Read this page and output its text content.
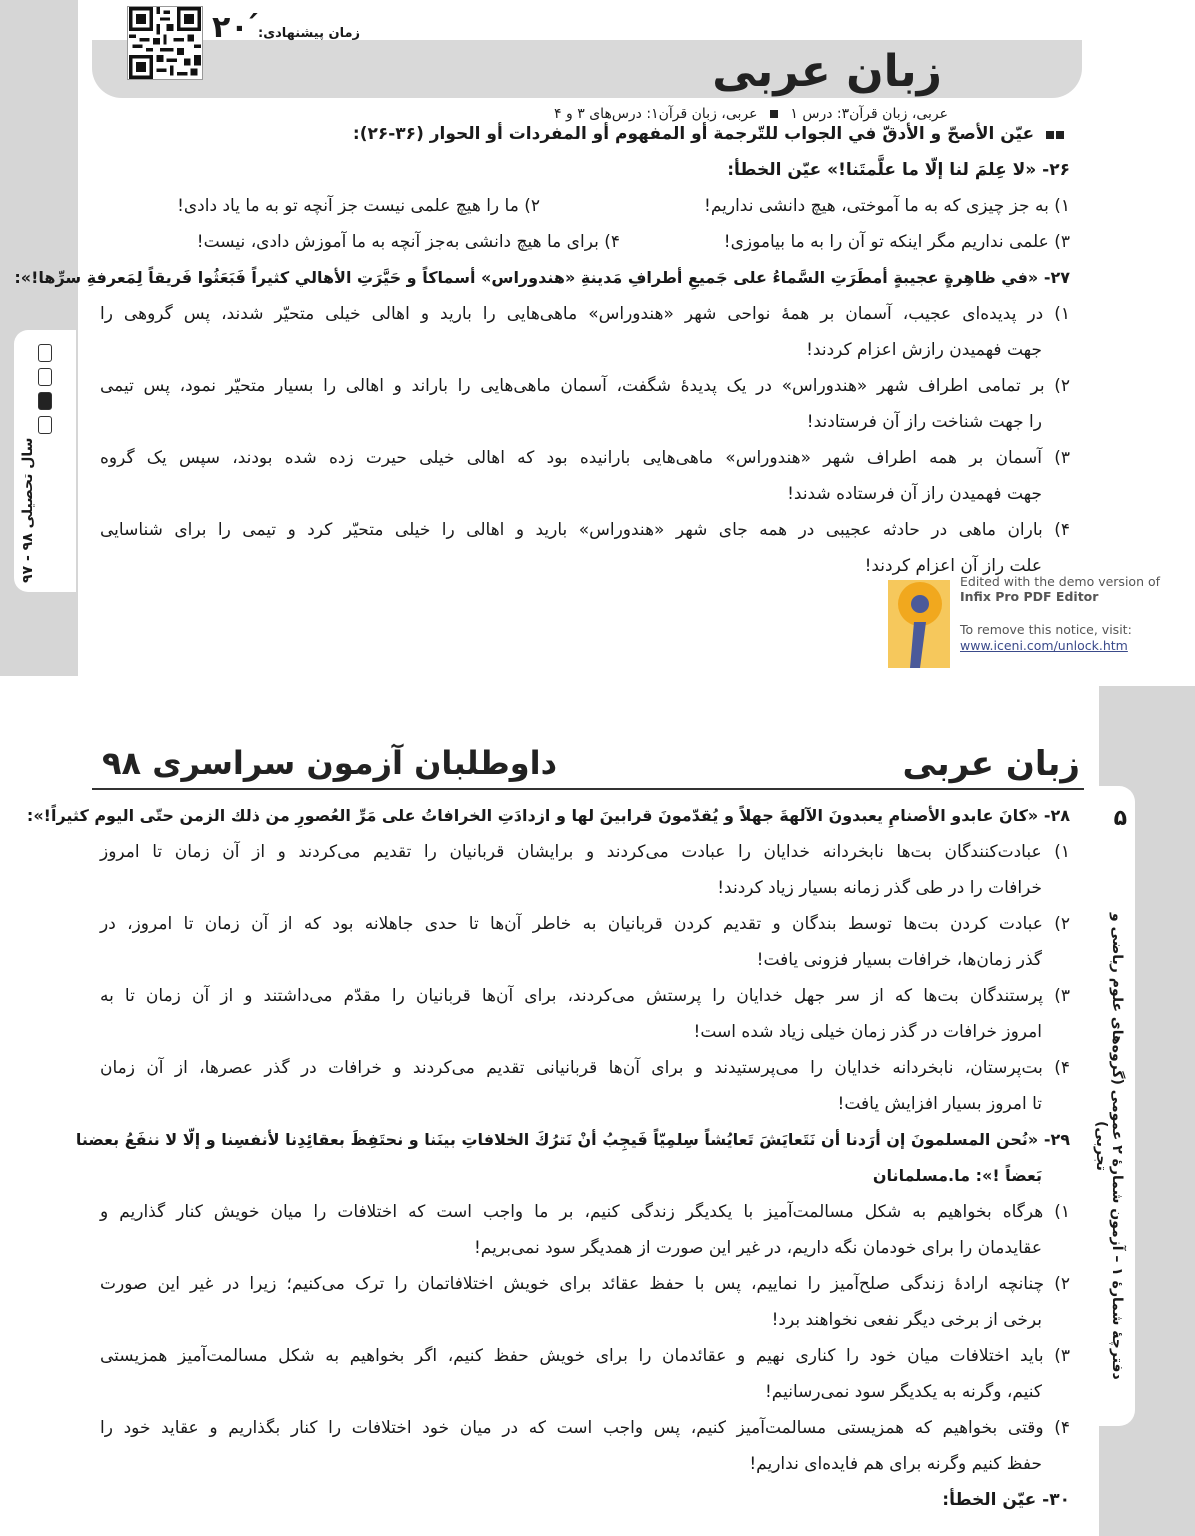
سال تحصیلی ۹۸ - ۹۷
زبان عربی
عربی، زبان قرآن۳: درس ۱  عربی، زبان قرآن۱: درس‌های ۳ و ۴
۲۰ ́
زمان پیشنهادی:
عیّن الأصحّ و الأدقّ في الجواب للتّرجمة أو المفهوم أو المفردات أو الحوار (۳۶-۲۶):
۲۶- «لا عِلمَ لنا إلّا ما علَّمتَنا!» عیّن الخطأ:
۱) به جز چیزی که به ما آموختی، هیچ دانشی نداریم!
۲) ما را هیچ علمی نیست جز آنچه تو به ما یاد دادی!
۳) علمی نداریم مگر اینکه تو آن را به ما بیاموزی!
۴) برای ما هیچ دانشی به‌جز آنچه به ما آموزش دادی، نیست!
۲۷- «في ظاهِرةٍ عجیبةٍ أمطَرَتِ السَّماءُ علی جَمیعِ أطرافِ مَدینةِ «هندوراس» أسماکاً و حَیَّرَتِ الأهالي کثیراً فَبَعَثُوا فَریقاً لِمَعرفةِ سرِّها!»:
۱) در پدیده‌ای عجیب، آسمان بر همهٔ نواحی شهر «هندوراس» ماهی‌هایی را بارید و اهالی خیلی متحیّر شدند، پس گروهی را
جهت فهمیدن رازش اعزام کردند!
۲) بر تمامی اطراف شهر «هندوراس» در یک پدیدهٔ شگفت، آسمان ماهی‌هایی را باراند و اهالی را بسیار متحیّر نمود، پس تیمی
را جهت شناخت راز آن فرستادند!
۳) آسمان بر همه اطراف شهر «هندوراس» ماهی‌هایی بارانیده بود که اهالی خیلی حیرت زده شده بودند، سپس یک گروه
جهت فهمیدن راز آن فرستاده شدند!
۴) باران ماهی در حادثه عجیبی در همه جای شهر «هندوراس» بارید و اهالی را خیلی متحیّر کرد و تیمی را برای شناسایی
علت راز آن اعزام کردند!
Edited with the demo version of
Infix Pro PDF Editor
To remove this notice, visit:
www.iceni.com/unlock.htm
۵
دفترچهٔ شمارهٔ ۱ – آزمون شمارهٔ ۲ عمومی (گروه‌های علوم ریاضی و تجربی)
زبان عربی
داوطلبان آزمون سراسری ۹۸
۲۸- «کانَ عابدو الأصنامِ یعبدونَ الآلهةَ جهلاً و یُقدّمونَ قرابینَ لها و ازدادَتِ الخرافاتُ علی مَرِّ العُصورِ من ذلك الزمن حتّی الیوم کثیراً!»:
۱) عبادت‌کنندگان بت‌ها نابخردانه خدایان را عبادت می‌کردند و برایشان قربانیان را تقدیم می‌کردند و از آن زمان تا امروز
خرافات را در طی گذر زمانه بسیار زیاد کردند!
۲) عبادت کردن بت‌ها توسط بندگان و تقدیم کردن قربانیان به خاطر آن‌ها تا حدی جاهلانه بود که از آن زمان تا امروز، در
گذر زمان‌ها، خرافات بسیار فزونی یافت!
۳) پرستندگان بت‌ها که از سر جهل خدایان را پرستش می‌کردند، برای آن‌ها قربانیان را مقدّم می‌داشتند و از آن زمان تا به
امروز خرافات در گذر زمان خیلی زیاد شده است!
۴) بت‌پرستان، نابخردانه خدایان را می‌پرستیدند و برای آن‌ها قربانیانی تقدیم می‌کردند و خرافات در گذر عصرها، از آن زمان
تا امروز بسیار افزایش یافت!
۲۹- «نُحن المسلمونَ إن أرَدنا أن نَتَعایَشَ تَعایُشاً سِلمِیّاً فَیجِبُ أنْ نَترُكَ الخلافاتِ بینَنا و نحتَفِظَ بعقائِدِنا لأنفسِنا و إلّا لا ننفَعُ بعضنا
بَعضاً !»: ما.مسلمانان
۱) هرگاه بخواهیم به شکل مسالمت‌آمیز با یکدیگر زندگی کنیم، بر ما واجب است که اختلافات را میان خویش کنار گذاریم و
عقایدمان را برای خودمان نگه داریم، در غیر این صورت از همدیگر سود نمی‌بریم!
۲) چنانچه ارادهٔ زندگی صلح‌آمیز را نماییم، پس با حفظ عقائد برای خویش اختلافاتمان را ترک می‌کنیم؛ زیرا در غیر این صورت
برخی از برخی دیگر نفعی نخواهند برد!
۳) باید اختلافات میان خود را کناری نهیم و عقائدمان را برای خویش حفظ کنیم، اگر بخواهیم به شکل مسالمت‌آمیز همزیستی
کنیم، وگرنه به یکدیگر سود نمی‌رسانیم!
۴) وقتی بخواهیم که همزیستی مسالمت‌آمیز کنیم، پس واجب است که در میان خود اختلافات را کنار بگذاریم و عقاید خود را
حفظ کنیم وگرنه برای هم فایده‌ای نداریم!
۳۰- عیّن الخطأ:
